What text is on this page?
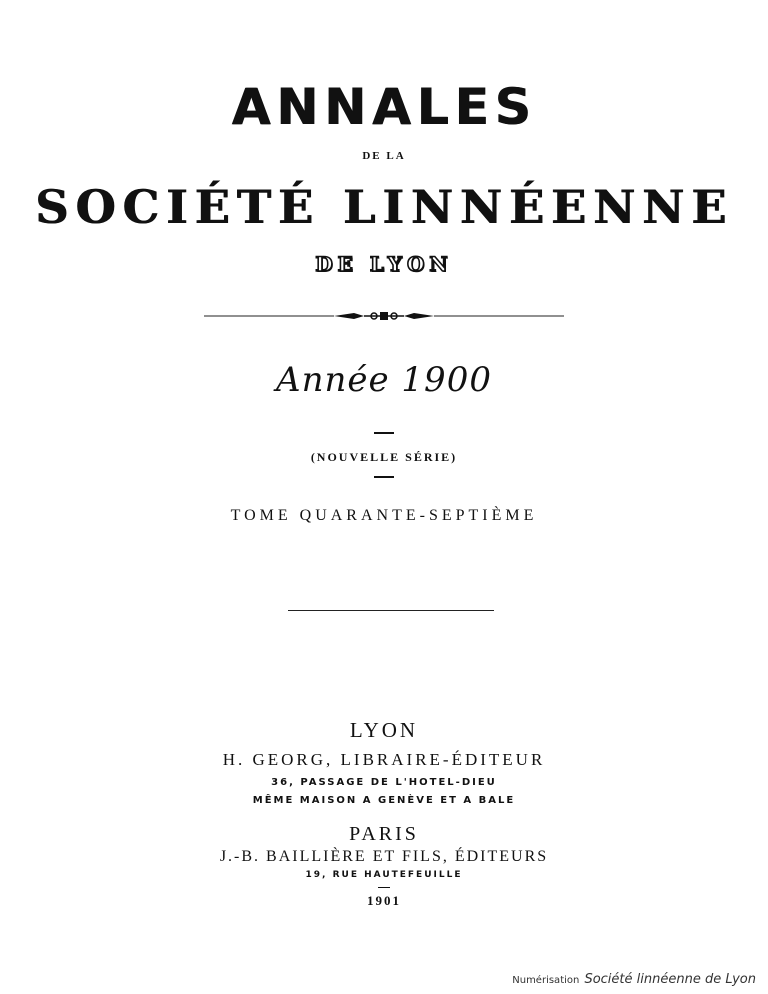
ANNALES
DE LA
SOCIÉTÉ LINNÉENNE
DE LYON
Année 1900
(NOUVELLE SÉRIE)
TOME QUARANTE-SEPTIÈME
LYON
H. GEORG, LIBRAIRE-ÉDITEUR
36, PASSAGE DE L'HOTEL-DIEU
MÊME MAISON A GENÈVE ET A BALE
PARIS
J.-B. BAILLIÈRE ET FILS, ÉDITEURS
19, RUE HAUTEFEUILLE
1901
Numérisation Société linnéenne de Lyon
